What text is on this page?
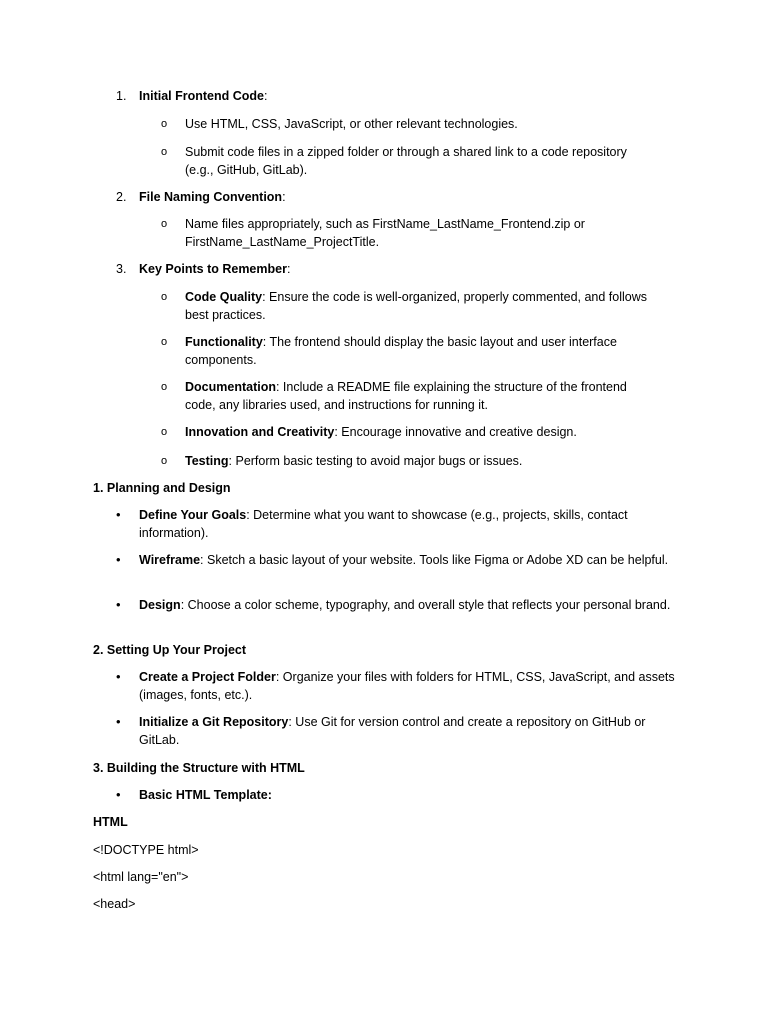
1. Initial Frontend Code:
o Use HTML, CSS, JavaScript, or other relevant technologies.
o Submit code files in a zipped folder or through a shared link to a code repository (e.g., GitHub, GitLab).
2. File Naming Convention:
o Name files appropriately, such as FirstName_LastName_Frontend.zip or FirstName_LastName_ProjectTitle.
3. Key Points to Remember:
o Code Quality: Ensure the code is well-organized, properly commented, and follows best practices.
o Functionality: The frontend should display the basic layout and user interface components.
o Documentation: Include a README file explaining the structure of the frontend code, any libraries used, and instructions for running it.
o Innovation and Creativity: Encourage innovative and creative design.
o Testing: Perform basic testing to avoid major bugs or issues.
1. Planning and Design
• Define Your Goals: Determine what you want to showcase (e.g., projects, skills, contact information).
• Wireframe: Sketch a basic layout of your website. Tools like Figma or Adobe XD can be helpful.
• Design: Choose a color scheme, typography, and overall style that reflects your personal brand.
2. Setting Up Your Project
• Create a Project Folder: Organize your files with folders for HTML, CSS, JavaScript, and assets (images, fonts, etc.).
• Initialize a Git Repository: Use Git for version control and create a repository on GitHub or GitLab.
3. Building the Structure with HTML
• Basic HTML Template:
HTML
<!DOCTYPE html>
<html lang="en">
<head>
